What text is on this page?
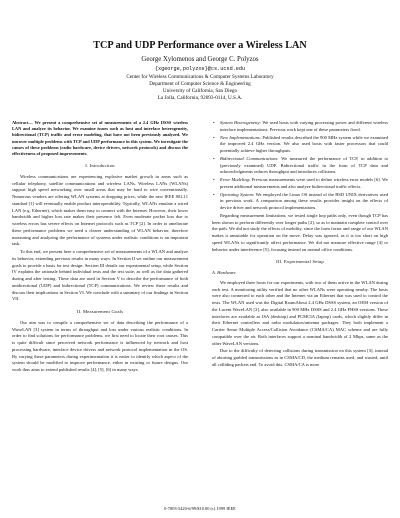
TCP and UDP Performance over a Wireless LAN
George Xylomenos and George C. Polyzos
{xgeorge,polyzos}@cs.ucsd.edu
Center for Wireless Communications & Computer Systems Laboratory
Department of Computer Science & Engineering
University of California, San Diego
La Jolla, California, 92093-0114, U.S.A.
Abstract— We present a comprehensive set of measurements of a 2.4 GHz DSSS wireless LAN and analyze its behavior. We examine issues such as host and interface heterogeneity, bidirectional (TCP) traffic and error modeling, that have not been previously analyzed. We uncover multiple problems with TCP and UDP performance in this system. We investigate the causes of these problems (radio hardware, device drivers, network protocols) and discuss the effectiveness of proposed improvements.
I. Introduction

Wireless communications are experiencing explosive market growth in areas such as cellular telephony, satellite communications and wireless LANs. Wireless LANs (WLANs) support high speed networking over small areas that may be hard to wire conventionally. Numerous vendors are offering WLAN systems at dropping prices, while the new IEEE 802.11 standard [1] will eventually enable product interoperability. Typically, WLANs emulate a wired LAN (e.g. Ethernet), which makes them easy to connect with the Internet. However, their lower bandwidth and higher loss rate makes their presence felt. Even moderate packet loss due to wireless errors has severe effects on Internet protocols such as TCP [2]. In order to ameliorate these performance problems we need a clearer understanding of WLAN behavior, therefore measuring and analyzing the performance of systems under realistic conditions is an important task.

To this end, we present here a comprehensive set of measurements of a WLAN and analyze its behavior, extending previous results in many ways. In Section II we outline our measurement goals to provide a basis for test design. Section III details our experimental setup, while Section IV explains the rationale behind individual tests and the test suite, as well as the data gathered during and after testing. These data are used in Section V to describe the performance of both unidirectional (UDP) and bidirectional (TCP) communications. We review these results and discuss their implications in Section VI. We conclude with a summary of our findings in Section VII.

II. Measurement Goals

Our aim was to compile a comprehensive set of data describing the performance of a WaveLAN [3] system in terms of throughput and loss under various realistic conditions. In order to find solutions for performance problems, we first need to locate their root causes. This is quite difficult since perceived network performance is influenced by network and host processing hardware, interface device drivers and network protocol implementation in the OS. By varying these parameters during experimentation it is easier to identify which aspect of the system should be modified to improve performance, either in existing or future designs. Our work thus aims to extend published results [4], [5], [6] in many ways.

• System Heterogeneity: We used hosts with varying processing power and different wireless interface implementations. Previous work kept one of these parameters fixed.
• New Implementations: Published results described the 900 MHz system while we examined the improved 2.4 GHz version. We also used hosts with faster processors that could potentially achieve higher throughputs.
• Bidirectional Communications: We measured the performance of TCP, in addition to (previously examined) UDP. Bidirectional traffic in the form of TCP data and acknowledgments reduces throughput and introduces collisions.
• Error Modeling: Previous measurements were used to define wireless error models [6]. We present additional measurements and also analyze bidirectional traffic effects.
• Operating System: We employed the Linux OS instead of the BSD UNIX derivatives used in previous work. A comparison among these results provides insight on the effects of device driver and network protocol implementations.

Regarding measurement limitations, we tested single hop paths only, even though TCP has been shown to perform differently over longer paths [2], so as to maintain complete control over the path. We did not study the effects of mobility, since the form factor and range of our WLAN makes it unsuitable for operation on the move. Delay was ignored, as it is too short on high speed WLANs to significantly affect performance. We did not measure effective range [4] or behavior under interference [5], focusing instead on normal office conditions.

III. Experimental Setup
A. Hardware

We employed three hosts for our experiments, with two of them active in the WLAN during each test. A monitoring utility verified that no other WLANs were operating nearby. The hosts were also connected to each other and the Internet via an Ethernet that was used to control the tests. The WLAN used was the Digital RoamAbout 2.4 GHz DSSS system, an OEM version of the Lucent WaveLAN [3], also available in 900 MHz DSSS and 2.4 GHz FHSS versions. These interfaces are available as ISA (desktop) and PCMCIA (laptop) cards, which slightly differ in their Ethernet controllers and radio modulators/antenna packages. They both implement a Carrier Sense Multiple Access/Collision Avoidance (CSMA/CA) MAC scheme and are fully compatible over the air. Both interfaces support a nominal bandwidth of 2 Mbps, same as the other WaveLAN versions.

Due to the difficulty of detecting collisions during transmission on this system [3], instead of aborting garbled transmissions as in CSMA/CD, the medium remains used, and wasted, until all colliding packets end. To avoid this, CSMA/CA is more

0-7803-5420-6/99/$10.00 (c) 1999 IEEE
